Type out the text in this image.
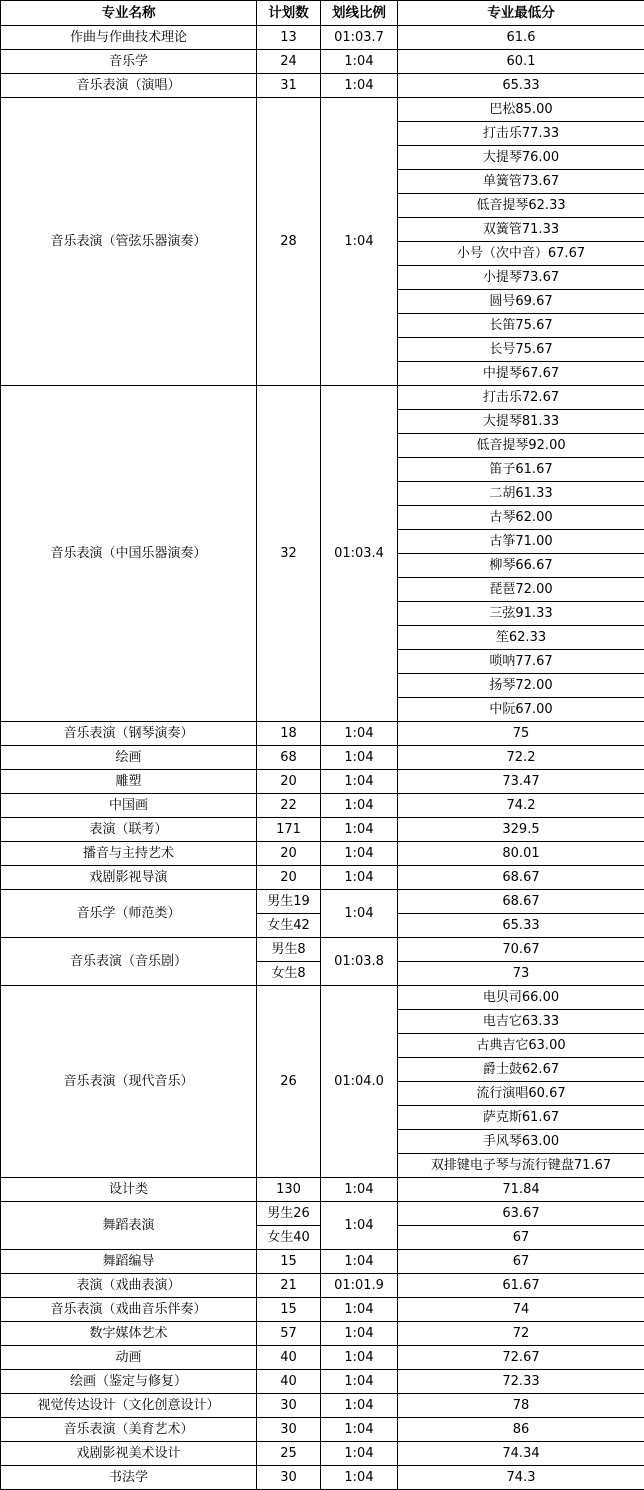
专业名称	计划数	划线比例	专业最低分
作曲与作曲技术理论	13	01:03.7	61.6
音乐学	24	1:04	60.1
音乐表演（演唱）	31	1:04	65.33
音乐表演（管弦乐器演奏）	28	1:04	巴松85.00
			打击乐77.33
			大提琴76.00
			单簧管73.67
			低音提琴62.33
			双簧管71.33
			小号（次中音）67.67
			小提琴73.67
			圆号69.67
			长笛75.67
			长号75.67
			中提琴67.67
音乐表演（中国乐器演奏）	32	01:03.4	打击乐72.67
			大提琴81.33
			低音提琴92.00
			笛子61.67
			二胡61.33
			古琴62.00
			古筝71.00
			柳琴66.67
			琵琶72.00
			三弦91.33
			笙62.33
			唢呐77.67
			扬琴72.00
			中阮67.00
音乐表演（钢琴演奏）	18	1:04	75
绘画	68	1:04	72.2
雕塑	20	1:04	73.47
中国画	22	1:04	74.2
表演（联考）	171	1:04	329.5
播音与主持艺术	20	1:04	80.01
戏剧影视导演	20	1:04	68.67
音乐学（师范类）	男生19	1:04	68.67
	女生42		65.33
音乐表演（音乐剧）	男生8	01:03.8	70.67
	女生8		73
音乐表演（现代音乐）	26	01:04.0	电贝司66.00
			电吉它63.33
			古典吉它63.00
			爵士鼓62.67
			流行演唱60.67
			萨克斯61.67
			手风琴63.00
			双排键电子琴与流行键盘71.67
设计类	130	1:04	71.84
舞蹈表演	男生26	1:04	63.67
	女生40		67
舞蹈编导	15	1:04	67
表演（戏曲表演）	21	01:01.9	61.67
音乐表演（戏曲音乐伴奏）	15	1:04	74
数字媒体艺术	57	1:04	72
动画	40	1:04	72.67
绘画（鉴定与修复）	40	1:04	72.33
视觉传达设计（文化创意设计）	30	1:04	78
音乐表演（美育艺术）	30	1:04	86
戏剧影视美术设计	25	1:04	74.34
书法学	30	1:04	74.3
